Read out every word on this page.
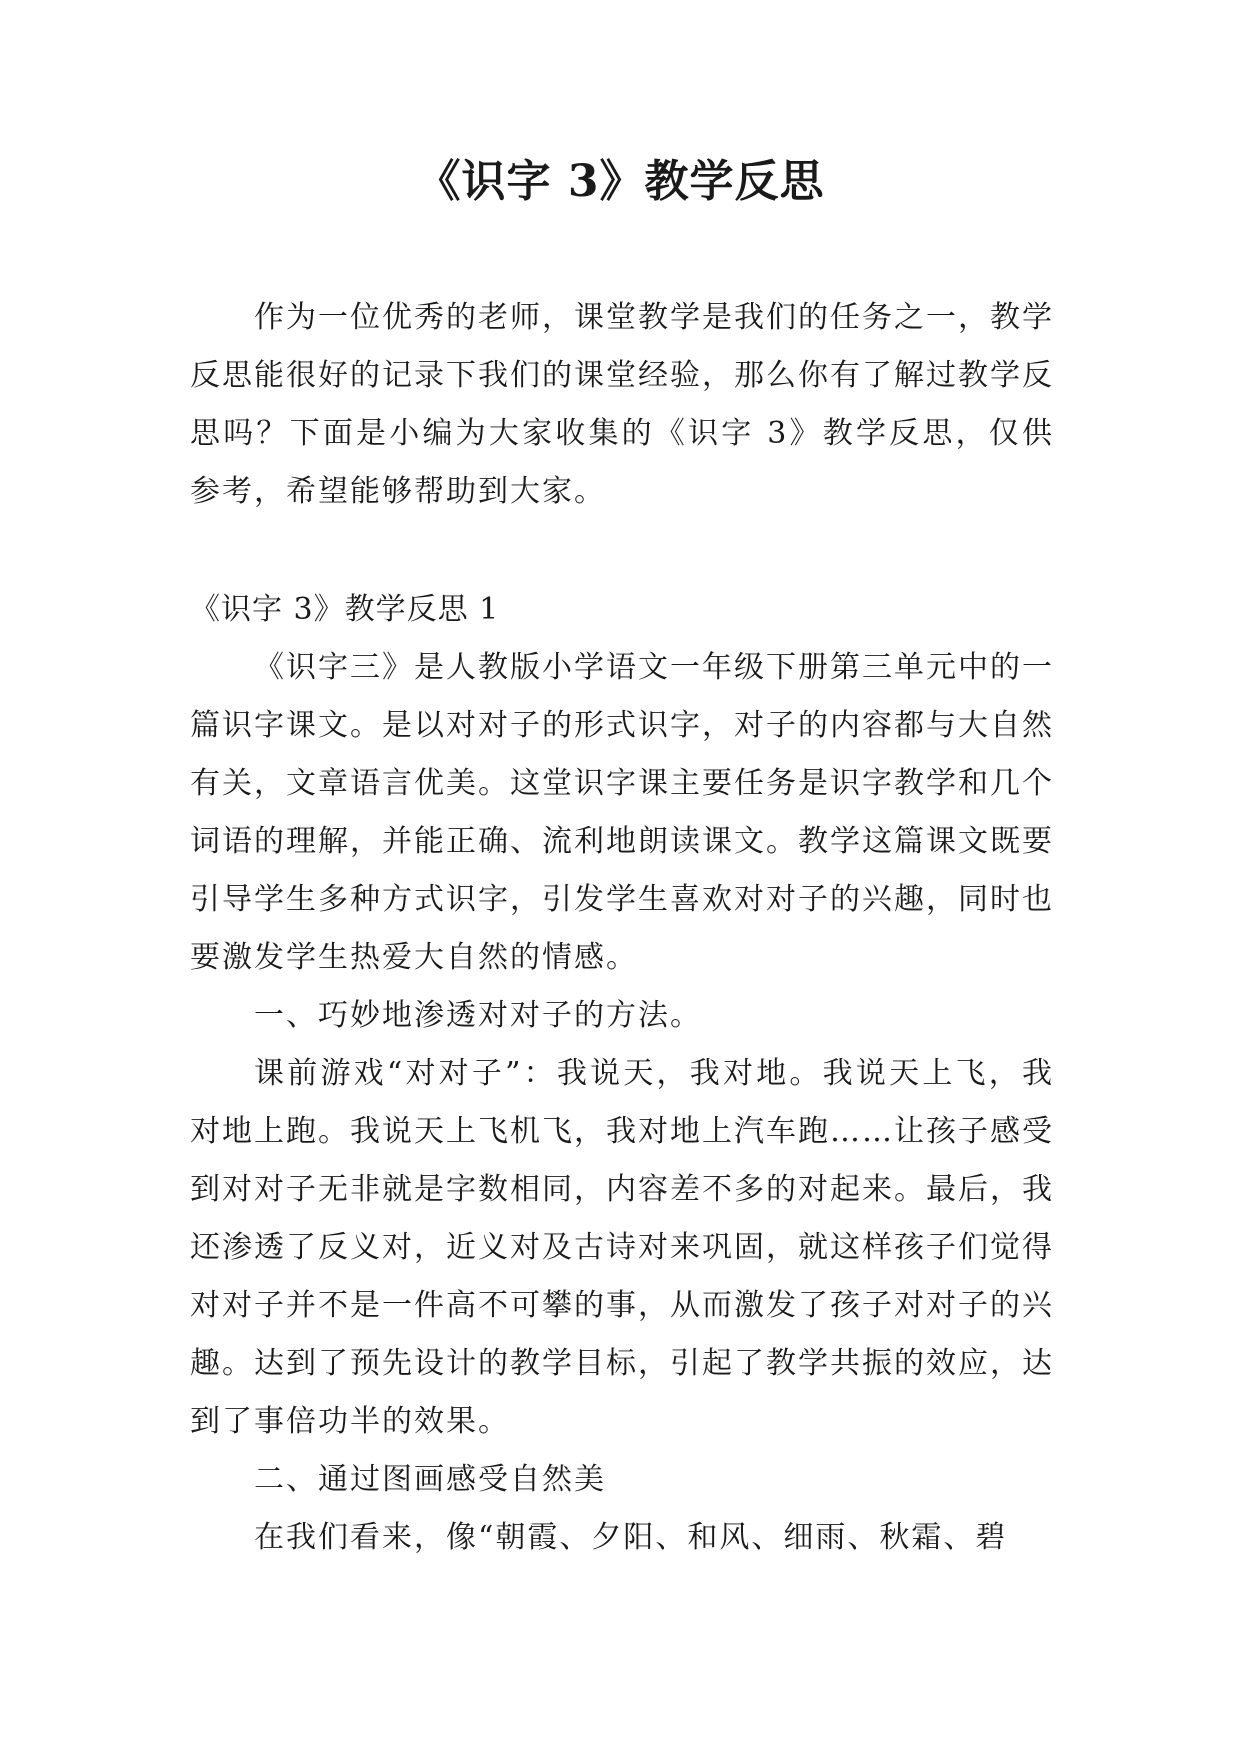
《识字 3》教学反思

作为一位优秀的老师，课堂教学是我们的任务之一，教学反思能很好的记录下我们的课堂经验，那么你有了解过教学反思吗？下面是小编为大家收集的《识字 3》教学反思，仅供参考，希望能够帮助到大家。

《识字 3》教学反思 1

《识字三》是人教版小学语文一年级下册第三单元中的一篇识字课文。是以对对子的形式识字，对子的内容都与大自然有关，文章语言优美。这堂识字课主要任务是识字教学和几个词语的理解，并能正确、流利地朗读课文。教学这篇课文既要引导学生多种方式识字，引发学生喜欢对对子的兴趣，同时也要激发学生热爱大自然的情感。

一、巧妙地渗透对对子的方法。

课前游戏“对对子”：我说天，我对地。我说天上飞，我对地上跑。我说天上飞机飞，我对地上汽车跑……让孩子感受到对对子无非就是字数相同，内容差不多的对起来。最后，我还渗透了反义对，近义对及古诗对来巩固，就这样孩子们觉得对对子并不是一件高不可攀的事，从而激发了孩子对对子的兴趣。达到了预先设计的教学目标，引起了教学共振的效应，达到了事倍功半的效果。

二、通过图画感受自然美

在我们看来，像“朝霞、夕阳、和风、细雨、秋霜、碧
